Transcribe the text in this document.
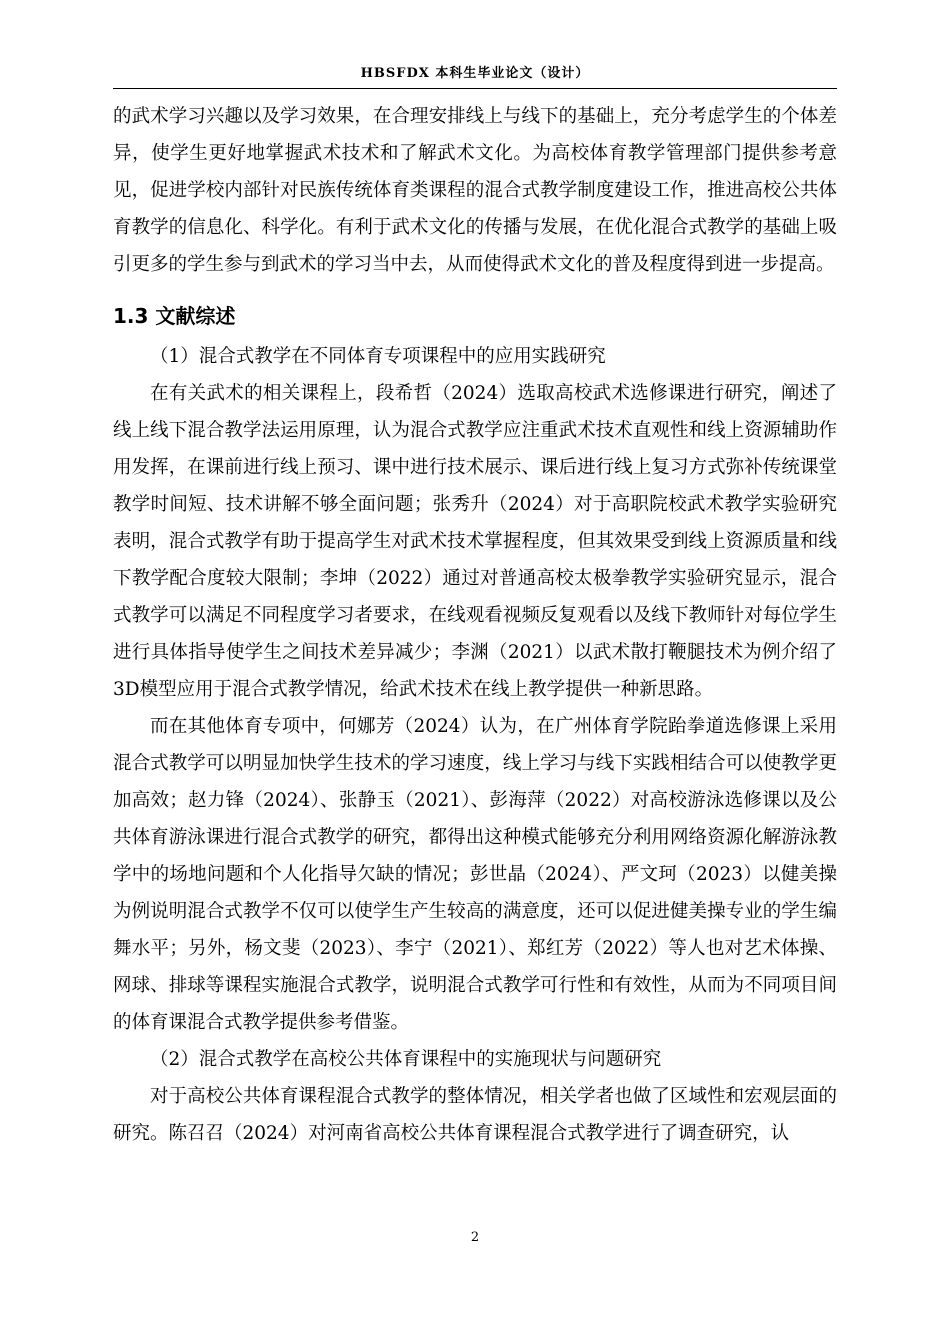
HBSFDX 本科生毕业论文（设计）

的武术学习兴趣以及学习效果，在合理安排线上与线下的基础上，充分考虑学生的个体差异，使学生更好地掌握武术技术和了解武术文化。为高校体育教学管理部门提供参考意见，促进学校内部针对民族传统体育类课程的混合式教学制度建设工作，推进高校公共体育教学的信息化、科学化。有利于武术文化的传播与发展，在优化混合式教学的基础上吸引更多的学生参与到武术的学习当中去，从而使得武术文化的普及程度得到进一步提高。

1.3 文献综述

（1）混合式教学在不同体育专项课程中的应用实践研究

在有关武术的相关课程上，段希哲（2024）选取高校武术选修课进行研究，阐述了线上线下混合教学法运用原理，认为混合式教学应注重武术技术直观性和线上资源辅助作用发挥，在课前进行线上预习、课中进行技术展示、课后进行线上复习方式弥补传统课堂教学时间短、技术讲解不够全面问题；张秀升（2024）对于高职院校武术教学实验研究表明，混合式教学有助于提高学生对武术技术掌握程度，但其效果受到线上资源质量和线下教学配合度较大限制；李坤（2022）通过对普通高校太极拳教学实验研究显示，混合式教学可以满足不同程度学习者要求，在线观看视频反复观看以及线下教师针对每位学生进行具体指导使学生之间技术差异减少；李渊（2021）以武术散打鞭腿技术为例介绍了3D模型应用于混合式教学情况，给武术技术在线上教学提供一种新思路。

而在其他体育专项中，何娜芳（2024）认为，在广州体育学院跆拳道选修课上采用混合式教学可以明显加快学生技术的学习速度，线上学习与线下实践相结合可以使教学更加高效；赵力锋（2024）、张静玉（2021）、彭海萍（2022）对高校游泳选修课以及公共体育游泳课进行混合式教学的研究，都得出这种模式能够充分利用网络资源化解游泳教学中的场地问题和个人化指导欠缺的情况；彭世晶（2024）、严文珂（2023）以健美操为例说明混合式教学不仅可以使学生产生较高的满意度，还可以促进健美操专业的学生编舞水平；另外，杨文斐（2023）、李宁（2021）、郑红芳（2022）等人也对艺术体操、网球、排球等课程实施混合式教学，说明混合式教学可行性和有效性，从而为不同项目间的体育课混合式教学提供参考借鉴。

（2）混合式教学在高校公共体育课程中的实施现状与问题研究

对于高校公共体育课程混合式教学的整体情况，相关学者也做了区域性和宏观层面的研究。陈召召（2024）对河南省高校公共体育课程混合式教学进行了调查研究，认

2
